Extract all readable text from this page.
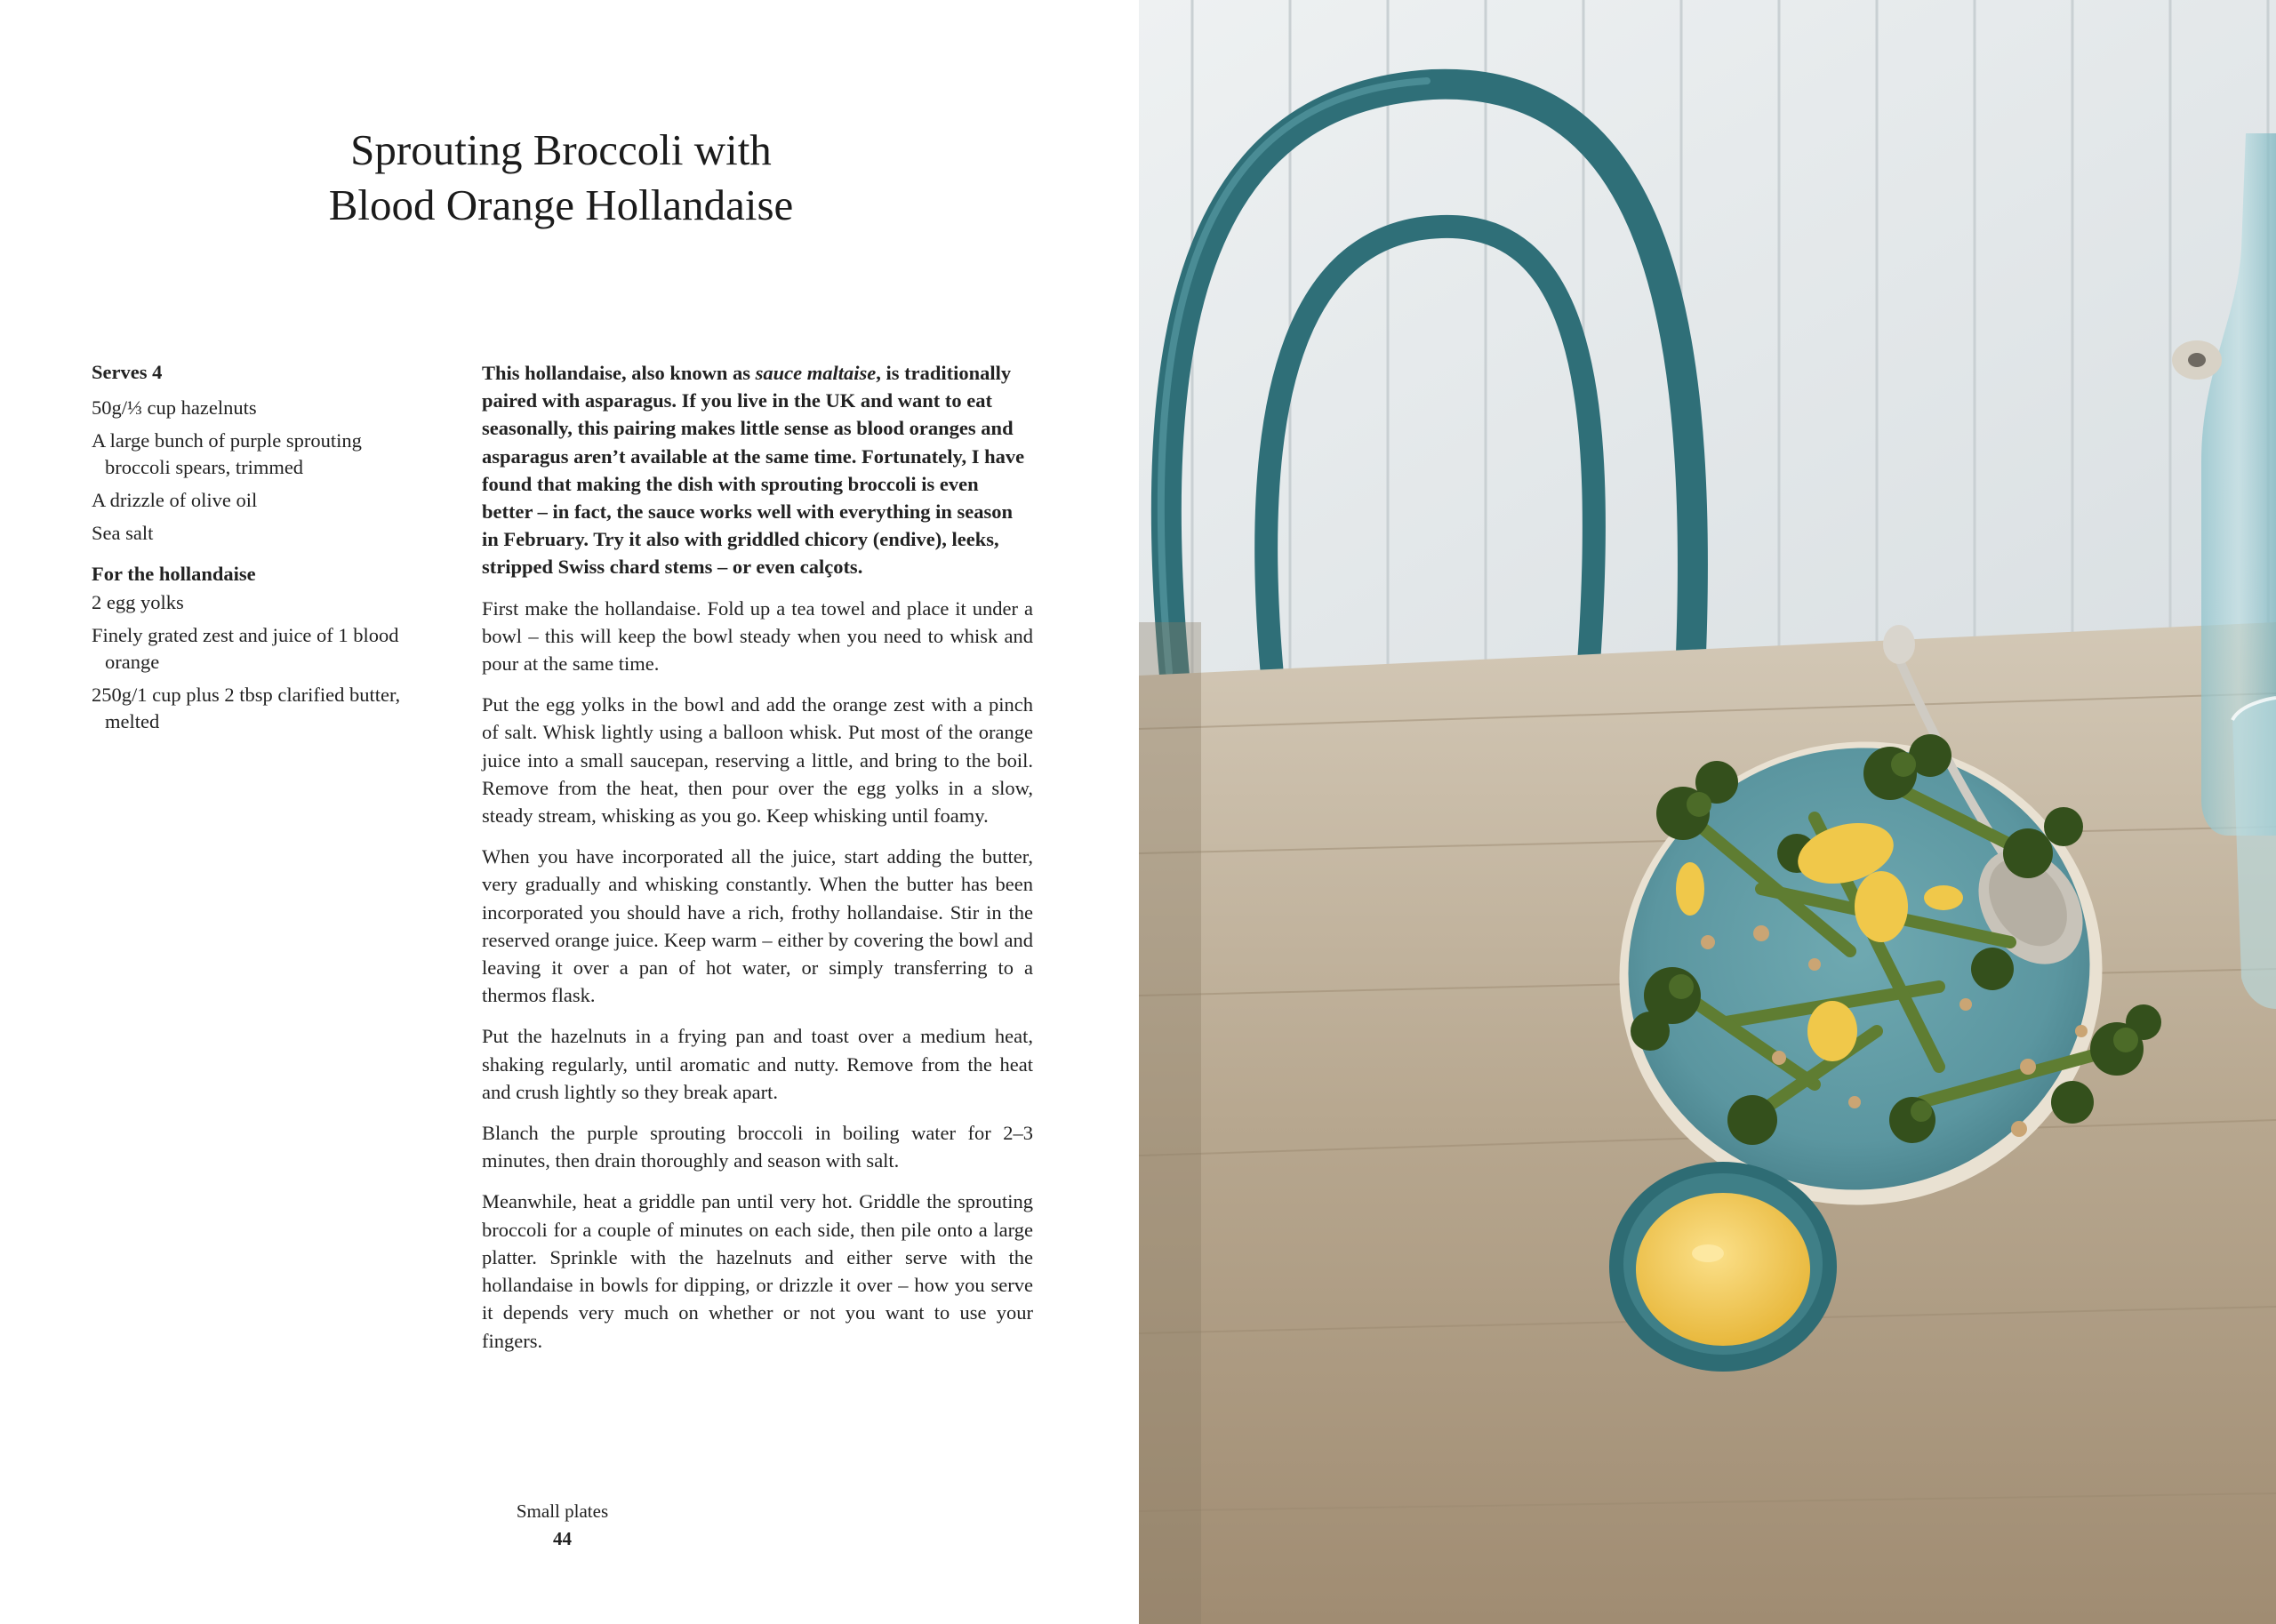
Sprouting Broccoli with
Blood Orange Hollandaise
Serves 4
50g/⅓ cup hazelnuts
A large bunch of purple sprouting broccoli spears, trimmed
A drizzle of olive oil
Sea salt
For the hollandaise
2 egg yolks
Finely grated zest and juice of 1 blood orange
250g/1 cup plus 2 tbsp clarified butter, melted

This hollandaise, also known as sauce maltaise, is traditionally paired with asparagus. If you live in the UK and want to eat seasonally, this pairing makes little sense as blood oranges and asparagus aren’t available at the same time. Fortunately, I have found that making the dish with sprouting broccoli is even better – in fact, the sauce works well with everything in season in February. Try it also with griddled chicory (endive), leeks, stripped Swiss chard stems – or even calçots.

First make the hollandaise. Fold up a tea towel and place it under a bowl – this will keep the bowl steady when you need to whisk and pour at the same time.

Put the egg yolks in the bowl and add the orange zest with a pinch of salt. Whisk lightly using a balloon whisk. Put most of the orange juice into a small saucepan, reserving a little, and bring to the boil. Remove from the heat, then pour over the egg yolks in a slow, steady stream, whisking as you go. Keep whisking until foamy.

When you have incorporated all the juice, start adding the butter, very gradually and whisking constantly. When the butter has been incorporated you should have a rich, frothy hollandaise. Stir in the reserved orange juice. Keep warm – either by covering the bowl and leaving it over a pan of hot water, or simply transferring to a thermos flask.

Put the hazelnuts in a frying pan and toast over a medium heat, shaking regularly, until aromatic and nutty. Remove from the heat and crush lightly so they break apart.

Blanch the purple sprouting broccoli in boiling water for 2–3 minutes, then drain thoroughly and season with salt.

Meanwhile, heat a griddle pan until very hot. Griddle the sprouting broccoli for a couple of minutes on each side, then pile onto a large platter. Sprinkle with the hazelnuts and either serve with the hollandaise in bowls for dipping, or drizzle it over – how you serve it depends very much on whether or not you want to use your fingers.

Small plates
44
